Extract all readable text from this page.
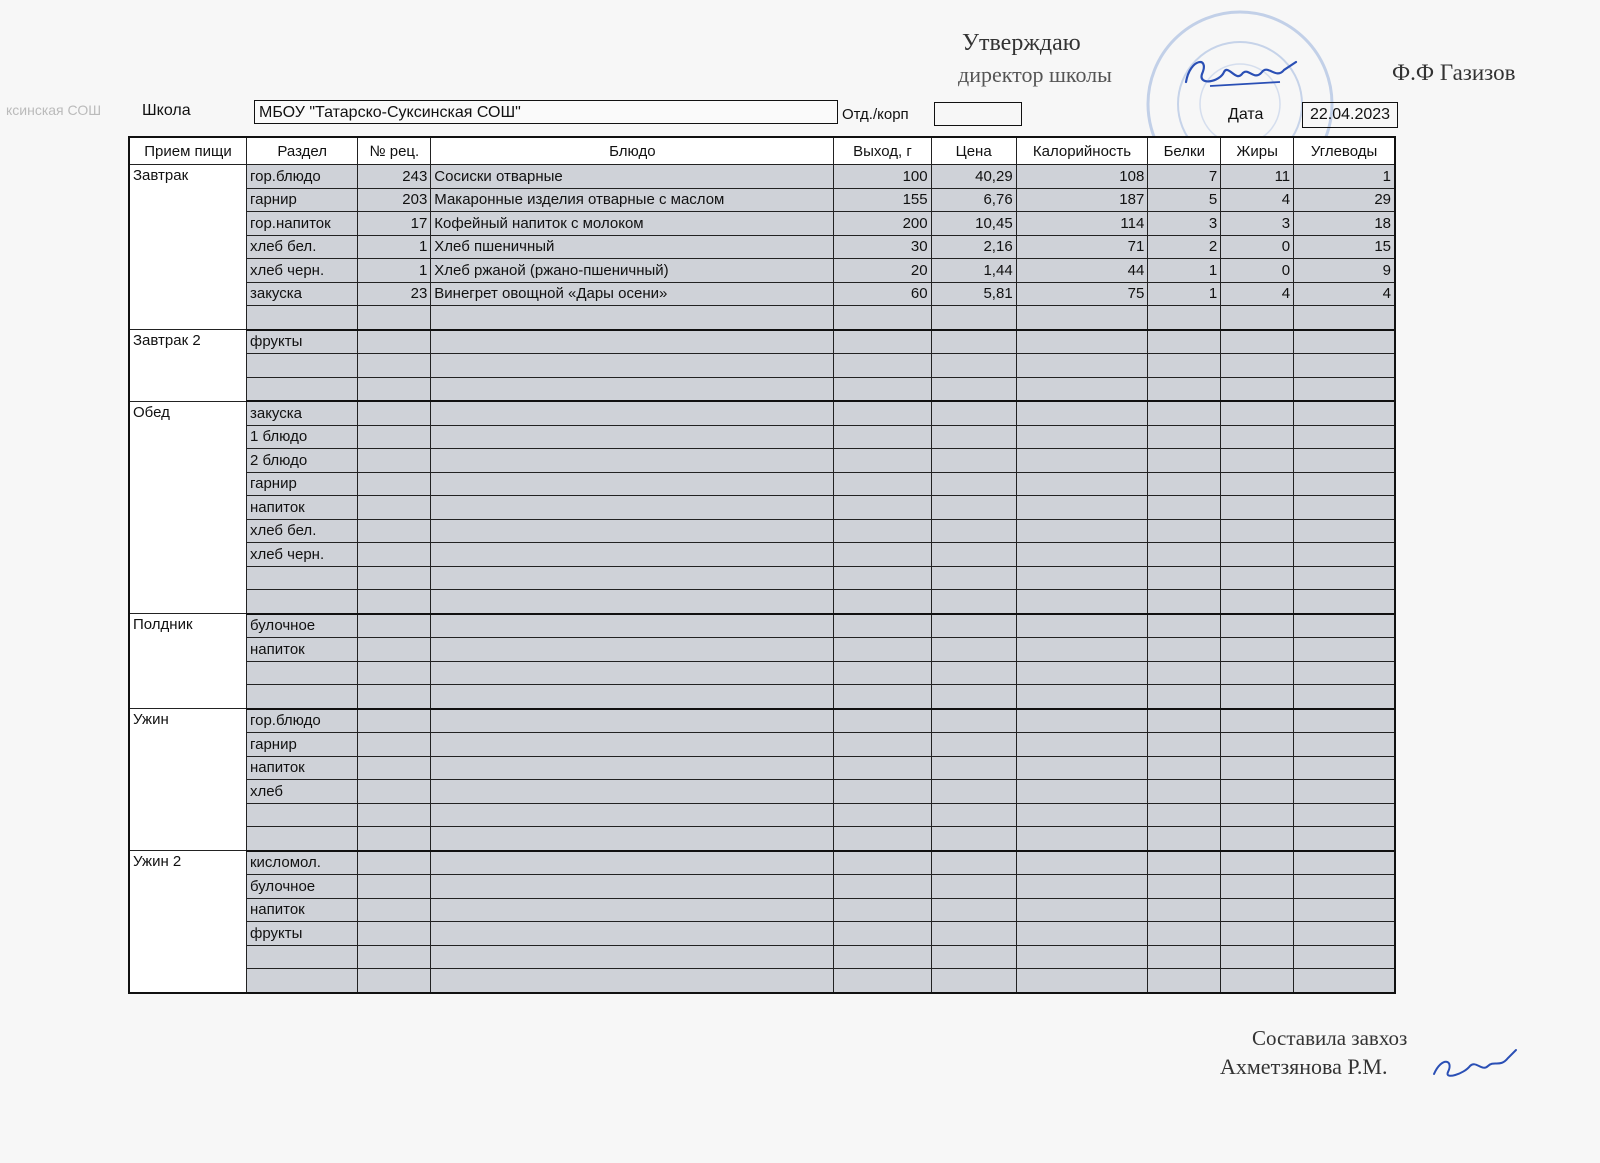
Утверждаю
директор школы	Ф.Ф Газизов
ксинская СОШ	Школа	МБОУ "Татарско-Суксинская СОШ"	Отд./корп	Дата	22.04.2023
Прием пищи	Раздел	№ рец.	Блюдо	Выход, г	Цена	Калорийность	Белки	Жиры	Углеводы
Завтрак	гор.блюдо	243	Сосиски отварные	100	40,29	108	7	11	1
	гарнир	203	Макаронные изделия отварные с маслом	155	6,76	187	5	4	29
	гор.напиток	17	Кофейный напиток с молоком	200	10,45	114	3	3	18
	хлеб бел.	1	Хлеб пшеничный	30	2,16	71	2	0	15
	хлеб черн.	1	Хлеб ржаной (ржано-пшеничный)	20	1,44	44	1	0	9
	закуска	23	Винегрет овощной «Дары осени»	60	5,81	75	1	4	4

Завтрак 2	фрукты								

Обед	закуска								
	1 блюдо								
	2 блюдо								
	гарнир								
	напиток								
	хлеб бел.								
	хлеб черн.								

Полдник	булочное								
	напиток								

Ужин	гор.блюдо								
	гарнир								
	напиток								
	хлеб								

Ужин 2	кисломол.								
	булочное								
	напиток								
	фрукты								

Составила завхоз
Ахметзянова Р.М.
